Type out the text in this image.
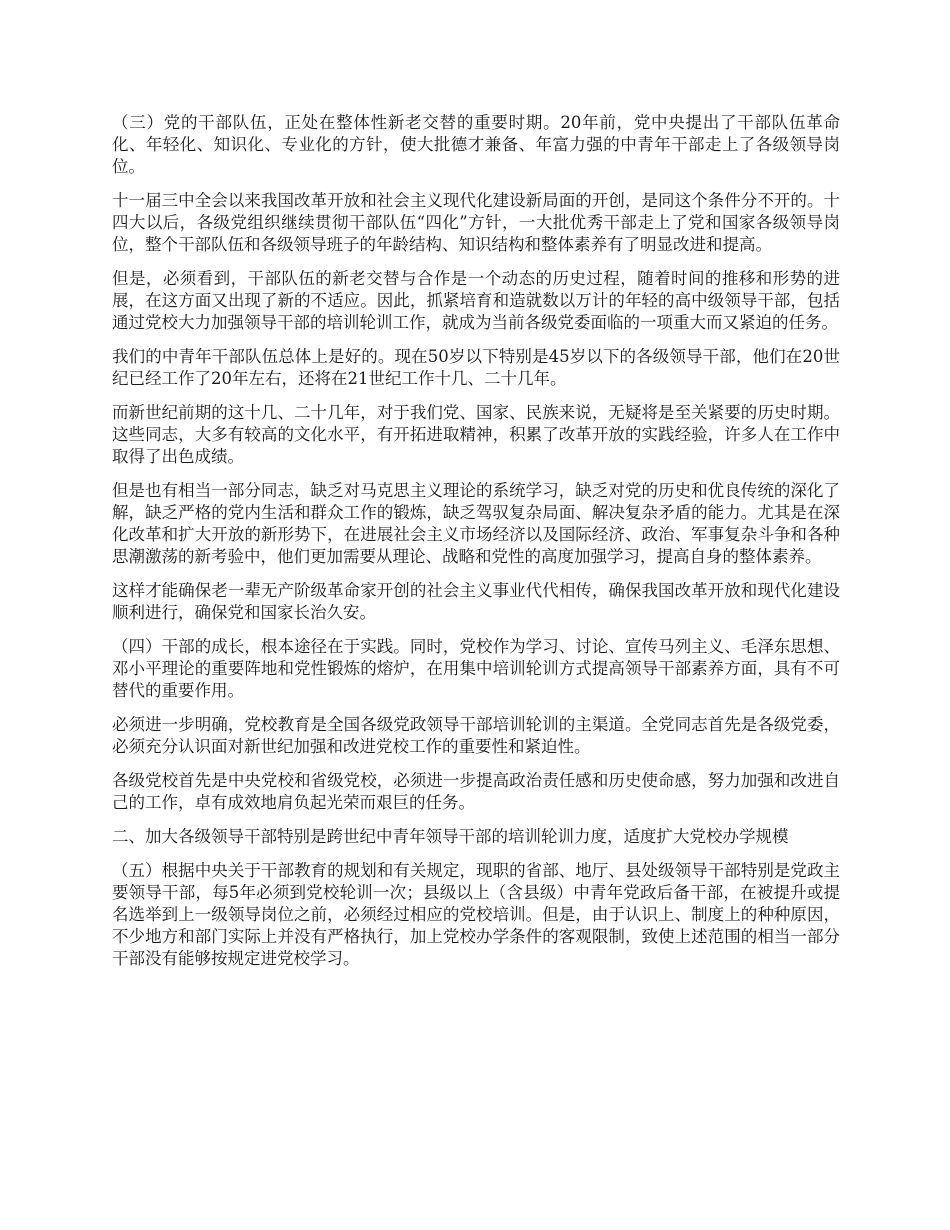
（三）党的干部队伍，正处在整体性新老交替的重要时期。20年前，党中央提出了干部队伍革命化、年轻化、知识化、专业化的方针，使大批德才兼备、年富力强的中青年干部走上了各级领导岗位。

十一届三中全会以来我国改革开放和社会主义现代化建设新局面的开创，是同这个条件分不开的。十四大以后，各级党组织继续贯彻干部队伍“四化”方针，一大批优秀干部走上了党和国家各级领导岗位，整个干部队伍和各级领导班子的年龄结构、知识结构和整体素养有了明显改进和提高。

但是，必须看到，干部队伍的新老交替与合作是一个动态的历史过程，随着时间的推移和形势的进展，在这方面又出现了新的不适应。因此，抓紧培育和造就数以万计的年轻的高中级领导干部，包括通过党校大力加强领导干部的培训轮训工作，就成为当前各级党委面临的一项重大而又紧迫的任务。

我们的中青年干部队伍总体上是好的。现在50岁以下特别是45岁以下的各级领导干部，他们在20世纪已经工作了20年左右，还将在21世纪工作十几、二十几年。

而新世纪前期的这十几、二十几年，对于我们党、国家、民族来说，无疑将是至关紧要的历史时期。这些同志，大多有较高的文化水平，有开拓进取精神，积累了改革开放的实践经验，许多人在工作中取得了出色成绩。

但是也有相当一部分同志，缺乏对马克思主义理论的系统学习，缺乏对党的历史和优良传统的深化了解，缺乏严格的党内生活和群众工作的锻炼，缺乏驾驭复杂局面、解决复杂矛盾的能力。尤其是在深化改革和扩大开放的新形势下，在进展社会主义市场经济以及国际经济、政治、军事复杂斗争和各种思潮激荡的新考验中，他们更加需要从理论、战略和党性的高度加强学习，提高自身的整体素养。

这样才能确保老一辈无产阶级革命家开创的社会主义事业代代相传，确保我国改革开放和现代化建设顺利进行，确保党和国家长治久安。

（四）干部的成长，根本途径在于实践。同时，党校作为学习、讨论、宣传马列主义、毛泽东思想、邓小平理论的重要阵地和党性锻炼的熔炉，在用集中培训轮训方式提高领导干部素养方面，具有不可替代的重要作用。

必须进一步明确，党校教育是全国各级党政领导干部培训轮训的主渠道。全党同志首先是各级党委，必须充分认识面对新世纪加强和改进党校工作的重要性和紧迫性。

各级党校首先是中央党校和省级党校，必须进一步提高政治责任感和历史使命感，努力加强和改进自己的工作，卓有成效地肩负起光荣而艰巨的任务。

二、加大各级领导干部特别是跨世纪中青年领导干部的培训轮训力度，适度扩大党校办学规模

（五）根据中央关于干部教育的规划和有关规定，现职的省部、地厅、县处级领导干部特别是党政主要领导干部，每5年必须到党校轮训一次；县级以上（含县级）中青年党政后备干部，在被提升或提名选举到上一级领导岗位之前，必须经过相应的党校培训。但是，由于认识上、制度上的种种原因，不少地方和部门实际上并没有严格执行，加上党校办学条件的客观限制，致使上述范围的相当一部分干部没有能够按规定进党校学习。
